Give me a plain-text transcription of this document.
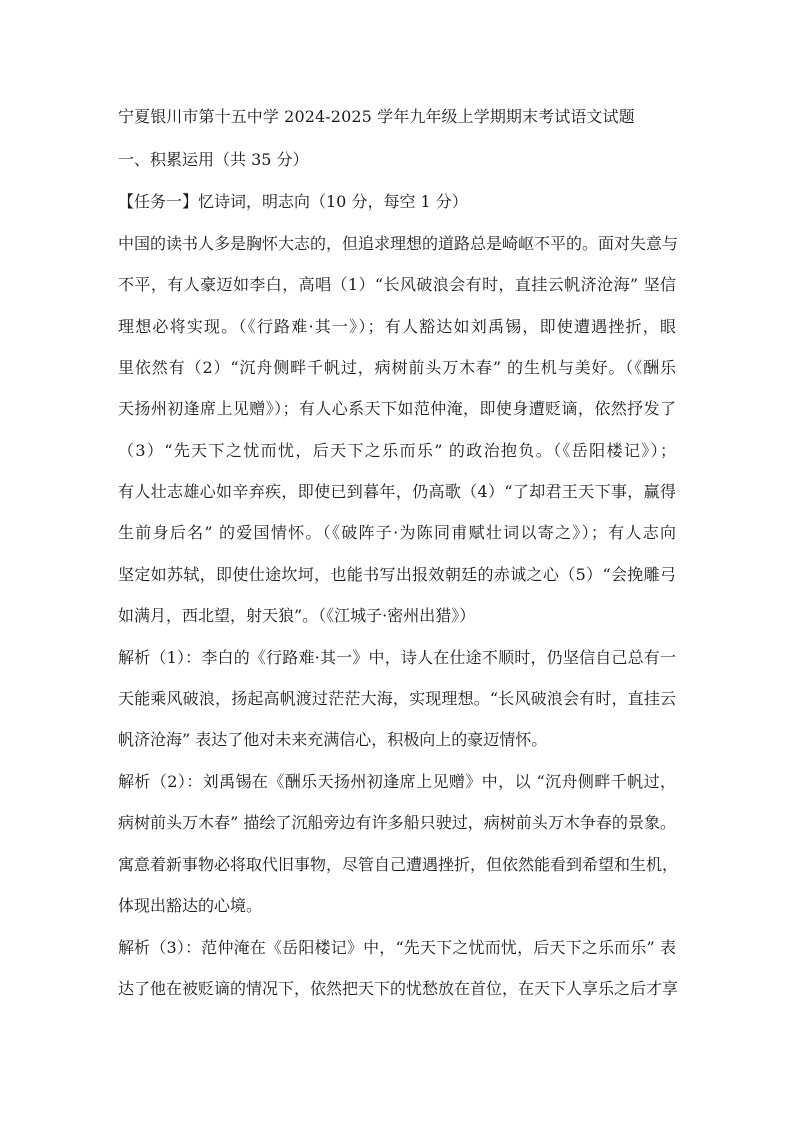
宁夏银川市第十五中学 2024-2025 学年九年级上学期期末考试语文试题
一、积累运用（共 35 分）
【任务一】忆诗词，明志向（10 分，每空 1 分）
中国的读书人多是胸怀大志的，但追求理想的道路总是崎岖不平的。面对失意与
不平，有人豪迈如李白，高唱（1）“长风破浪会有时，直挂云帆济沧海” 坚信
理想必将实现。（《行路难·其一》）；有人豁达如刘禹锡，即使遭遇挫折，眼
里依然有（2）“沉舟侧畔千帆过，病树前头万木春” 的生机与美好。（《酬乐
天扬州初逢席上见赠》）；有人心系天下如范仲淹，即使身遭贬谪，依然抒发了
（3）“先天下之忧而忧，后天下之乐而乐” 的政治抱负。（《岳阳楼记》）；
有人壮志雄心如辛弃疾，即使已到暮年，仍高歌（4）“了却君王天下事，赢得
生前身后名” 的爱国情怀。（《破阵子·为陈同甫赋壮词以寄之》）；有人志向
坚定如苏轼，即使仕途坎坷，也能书写出报效朝廷的赤诚之心（5）“会挽雕弓
如满月，西北望，射天狼”。（《江城子·密州出猎》）
解析（1）：李白的《行路难·其一》中，诗人在仕途不顺时，仍坚信自己总有一
天能乘风破浪，扬起高帆渡过茫茫大海，实现理想。“长风破浪会有时，直挂云
帆济沧海” 表达了他对未来充满信心，积极向上的豪迈情怀。
解析（2）：刘禹锡在《酬乐天扬州初逢席上见赠》中，以 “沉舟侧畔千帆过，
病树前头万木春” 描绘了沉船旁边有许多船只驶过，病树前头万木争春的景象。
寓意着新事物必将取代旧事物，尽管自己遭遇挫折，但依然能看到希望和生机，
体现出豁达的心境。
解析（3）：范仲淹在《岳阳楼记》中，“先天下之忧而忧，后天下之乐而乐” 表
达了他在被贬谪的情况下，依然把天下的忧愁放在首位，在天下人享乐之后才享
